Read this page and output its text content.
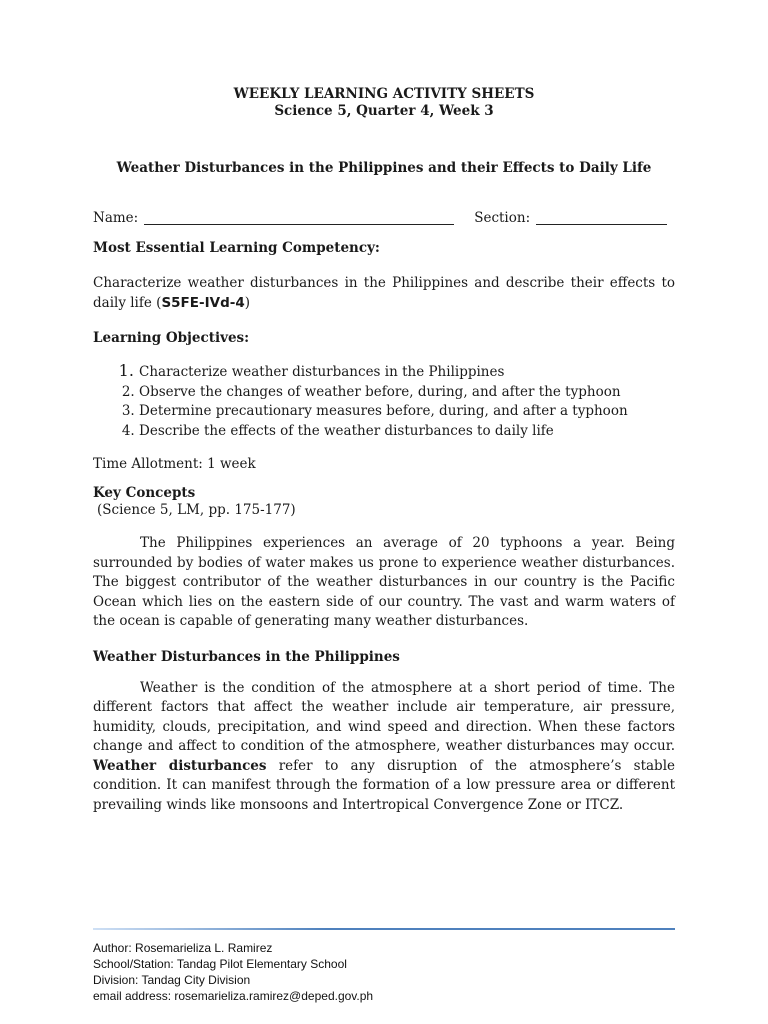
WEEKLY LEARNING ACTIVITY SHEETS
Science 5, Quarter 4, Week 3
Weather Disturbances in the Philippines and their Effects to Daily Life
Name:	Section:
Most Essential Learning Competency:

Characterize weather disturbances in the Philippines and describe their effects to daily life (S5FE-IVd-4)

Learning Objectives:
1. Characterize weather disturbances in the Philippines
2. Observe the changes of weather before, during, and after the typhoon
3. Determine precautionary measures before, during, and after a typhoon
4. Describe the effects of the weather disturbances to daily life

Time Allotment: 1 week

Key Concepts

(Science 5, LM, pp. 175-177)

The Philippines experiences an average of 20 typhoons a year. Being surrounded by bodies of water makes us prone to experience weather disturbances. The biggest contributor of the weather disturbances in our country is the Pacific Ocean which lies on the eastern side of our country. The vast and warm waters of the ocean is capable of generating many weather disturbances.

Weather Disturbances in the Philippines

Weather is the condition of the atmosphere at a short period of time. The different factors that affect the weather include air temperature, air pressure, humidity, clouds, precipitation, and wind speed and direction. When these factors change and affect to condition of the atmosphere, weather disturbances may occur. Weather disturbances refer to any disruption of the atmosphere’s stable condition. It can manifest through the formation of a low pressure area or different prevailing winds like monsoons and Intertropical Convergence Zone or ITCZ.

Author: Rosemarieliza L. Ramirez
School/Station: Tandag Pilot Elementary School
Division: Tandag City Division
email address: rosemarieliza.ramirez@deped.gov.ph
